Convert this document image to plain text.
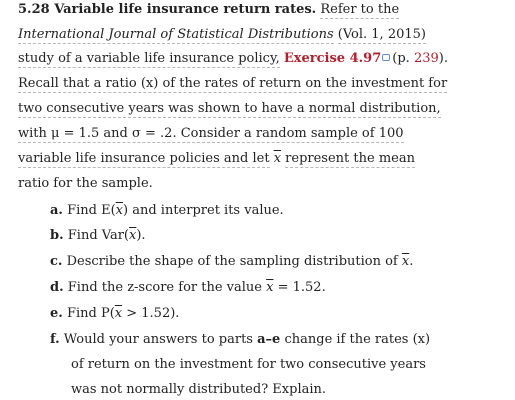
5.28 Variable life insurance return rates. Refer to the
International Journal of Statistical Distributions (Vol. 1, 2015)
study of a variable life insurance policy, Exercise 4.97 (p. 239).
Recall that a ratio (x) of the rates of return on the investment for
two consecutive years was shown to have a normal distribution,
with μ = 1.5 and σ = .2. Consider a random sample of 100
variable life insurance policies and let $\overline{x}$ represent the mean
ratio for the sample.
a. Find $E(\overline{x})$ and interpret its value.
b. Find $Var(\overline{x})$.
c. Describe the shape of the sampling distribution of $\overline{x}$.
d. Find the z-score for the value $\overline{x} = 1.52$.
e. Find $P(\overline{x} > 1.52)$.
f. Would your answers to parts a–e change if the rates (x)
of return on the investment for two consecutive years
was not normally distributed? Explain.
